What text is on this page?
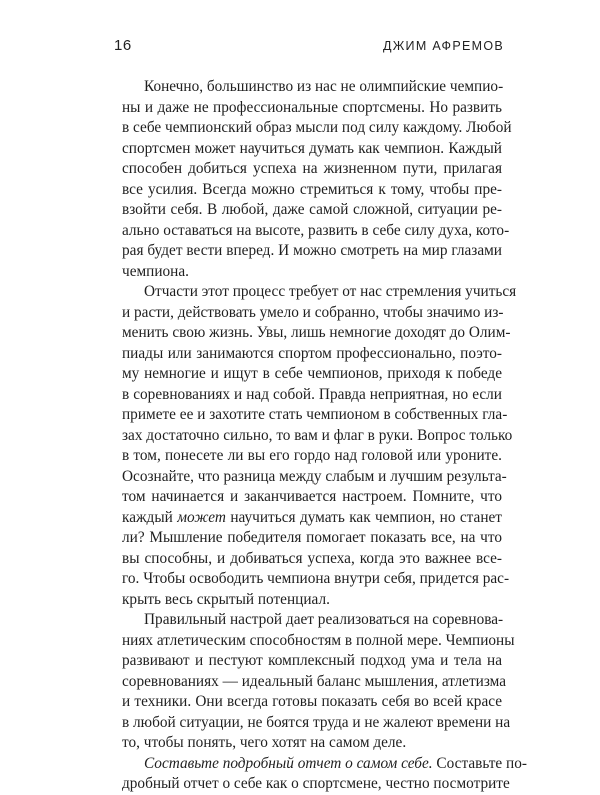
16	ДЖИМ АФРЕМОВ
Конечно, большинство из нас не олимпийские чемпио-
ны и даже не профессиональные спортсмены. Но развить
в себе чемпионский образ мысли под силу каждому. Любой
спортсмен может научиться думать как чемпион. Каждый
способен добиться успеха на жизненном пути, прилагая
все усилия. Всегда можно стремиться к тому, чтобы пре-
взойти себя. В любой, даже самой сложной, ситуации ре-
ально оставаться на высоте, развить в себе силу духа, кото-
рая будет вести вперед. И можно смотреть на мир глазами
чемпиона.
Отчасти этот процесс требует от нас стремления учиться
и расти, действовать умело и собранно, чтобы значимо из-
менить свою жизнь. Увы, лишь немногие доходят до Олим-
пиады или занимаются спортом профессионально, поэто-
му немногие и ищут в себе чемпионов, приходя к победе
в соревнованиях и над собой. Правда неприятная, но если
примете ее и захотите стать чемпионом в собственных гла-
зах достаточно сильно, то вам и флаг в руки. Вопрос только
в том, понесете ли вы его гордо над головой или уроните.
Осознайте, что разница между слабым и лучшим результа-
том начинается и заканчивается настроем. Помните, что
каждый может научиться думать как чемпион, но станет
ли? Мышление победителя помогает показать все, на что
вы способны, и добиваться успеха, когда это важнее все-
го. Чтобы освободить чемпиона внутри себя, придется рас-
крыть весь скрытый потенциал.
Правильный настрой дает реализоваться на соревнова-
ниях атлетическим способностям в полной мере. Чемпионы
развивают и пестуют комплексный подход ума и тела на
соревнованиях — идеальный баланс мышления, атлетизма
и техники. Они всегда готовы показать себя во всей красе
в любой ситуации, не боятся труда и не жалеют времени на
то, чтобы понять, чего хотят на самом деле.
Составьте подробный отчет о самом себе. Составьте по-
дробный отчет о себе как о спортсмене, честно посмотрите
